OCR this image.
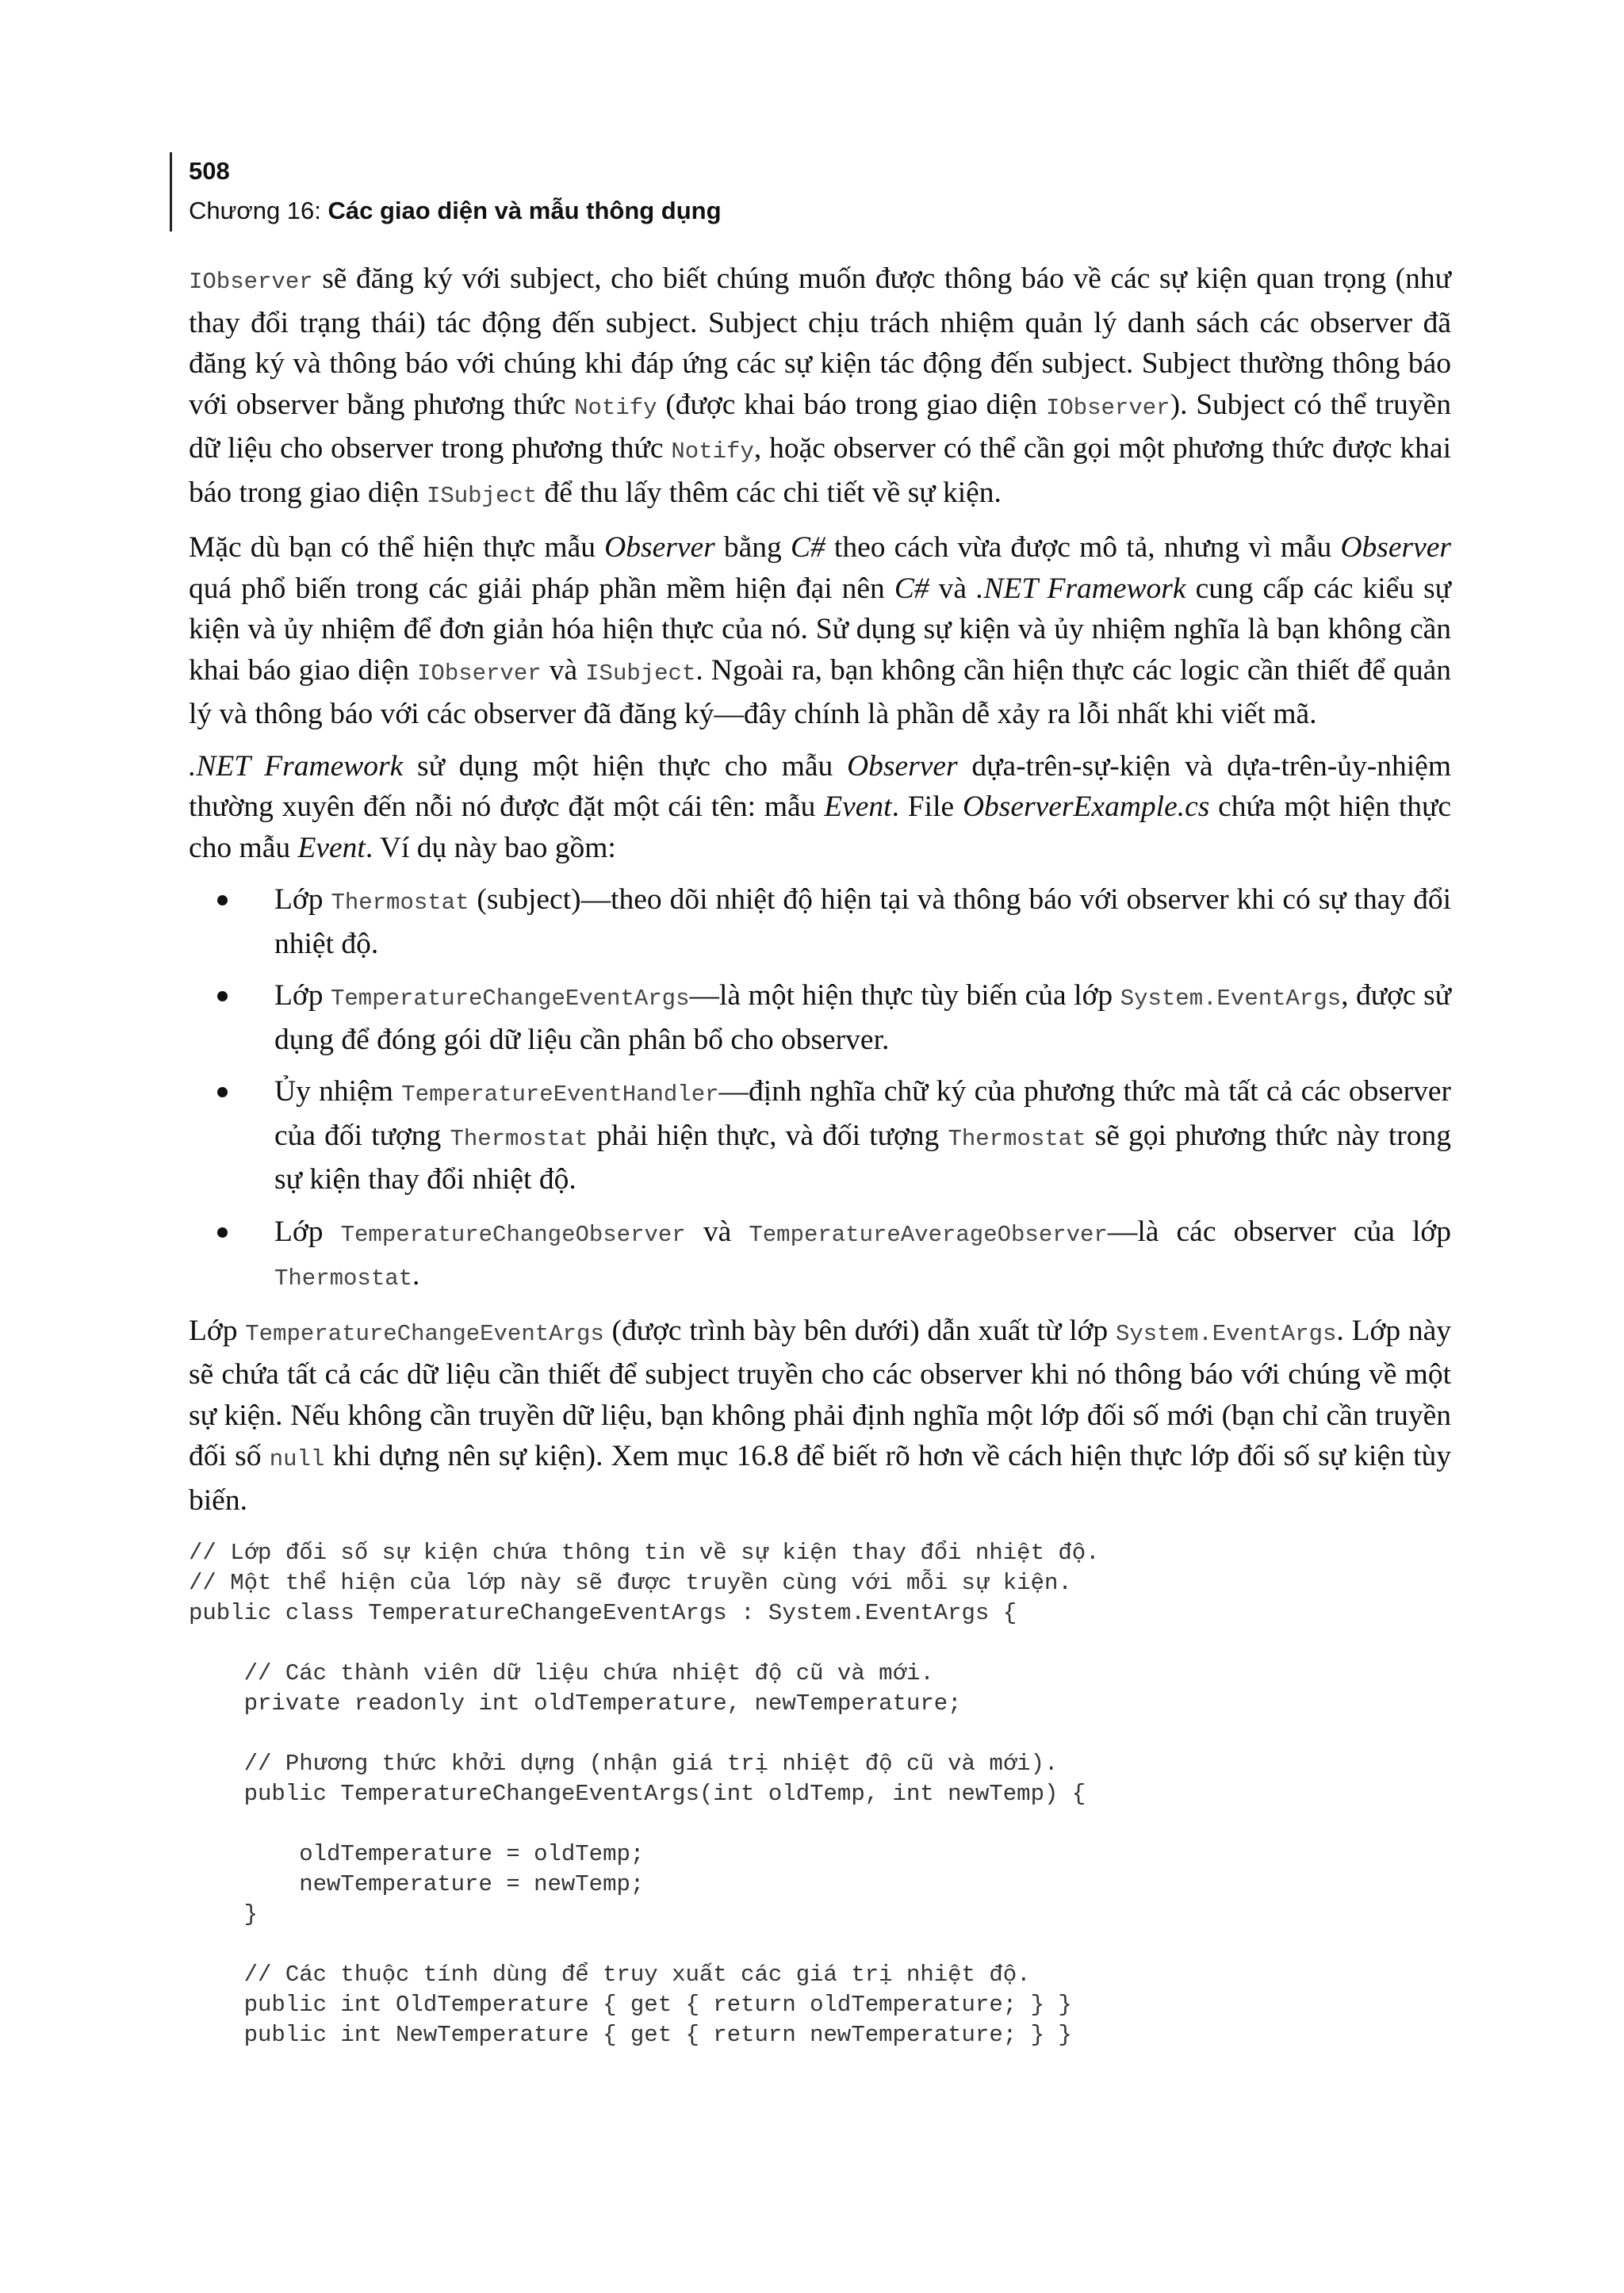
508
Chương 16: Các giao diện và mẫu thông dụng

IObserver sẽ đăng ký với subject, cho biết chúng muốn được thông báo về các sự kiện quan trọng (như thay đổi trạng thái) tác động đến subject. Subject chịu trách nhiệm quản lý danh sách các observer đã đăng ký và thông báo với chúng khi đáp ứng các sự kiện tác động đến subject. Subject thường thông báo với observer bằng phương thức Notify (được khai báo trong giao diện IObserver). Subject có thể truyền dữ liệu cho observer trong phương thức Notify, hoặc observer có thể cần gọi một phương thức được khai báo trong giao diện ISubject để thu lấy thêm các chi tiết về sự kiện.

Mặc dù bạn có thể hiện thực mẫu Observer bằng C# theo cách vừa được mô tả, nhưng vì mẫu Observer quá phổ biến trong các giải pháp phần mềm hiện đại nên C# và .NET Framework cung cấp các kiểu sự kiện và ủy nhiệm để đơn giản hóa hiện thực của nó. Sử dụng sự kiện và ủy nhiệm nghĩa là bạn không cần khai báo giao diện IObserver và ISubject. Ngoài ra, bạn không cần hiện thực các logic cần thiết để quản lý và thông báo với các observer đã đăng ký—đây chính là phần dễ xảy ra lỗi nhất khi viết mã.

.NET Framework sử dụng một hiện thực cho mẫu Observer dựa-trên-sự-kiện và dựa-trên-ủy-nhiệm thường xuyên đến nỗi nó được đặt một cái tên: mẫu Event. File ObserverExample.cs chứa một hiện thực cho mẫu Event. Ví dụ này bao gồm:

Lớp Thermostat (subject)—theo dõi nhiệt độ hiện tại và thông báo với observer khi có sự thay đổi nhiệt độ.
Lớp TemperatureChangeEventArgs—là một hiện thực tùy biến của lớp System.EventArgs, được sử dụng để đóng gói dữ liệu cần phân bổ cho observer.
Ủy nhiệm TemperatureEventHandler—định nghĩa chữ ký của phương thức mà tất cả các observer của đối tượng Thermostat phải hiện thực, và đối tượng Thermostat sẽ gọi phương thức này trong sự kiện thay đổi nhiệt độ.
Lớp TemperatureChangeObserver và TemperatureAverageObserver—là các observer của lớp Thermostat.

Lớp TemperatureChangeEventArgs (được trình bày bên dưới) dẫn xuất từ lớp System.EventArgs. Lớp này sẽ chứa tất cả các dữ liệu cần thiết để subject truyền cho các observer khi nó thông báo với chúng về một sự kiện. Nếu không cần truyền dữ liệu, bạn không phải định nghĩa một lớp đối số mới (bạn chỉ cần truyền đối số null khi dựng nên sự kiện). Xem mục 16.8 để biết rõ hơn về cách hiện thực lớp đối số sự kiện tùy biến.

// Lớp đối số sự kiện chứa thông tin về sự kiện thay đổi nhiệt độ.
// Một thể hiện của lớp này sẽ được truyền cùng với mỗi sự kiện.
public class TemperatureChangeEventArgs : System.EventArgs {

// Các thành viên dữ liệu chứa nhiệt độ cũ và mới.
private readonly int oldTemperature, newTemperature;

// Phương thức khởi dựng (nhận giá trị nhiệt độ cũ và mới).
public TemperatureChangeEventArgs(int oldTemp, int newTemp) {

oldTemperature = oldTemp;
newTemperature = newTemp;
}

// Các thuộc tính dùng để truy xuất các giá trị nhiệt độ.
public int OldTemperature { get { return oldTemperature; } }
public int NewTemperature { get { return newTemperature; } }
